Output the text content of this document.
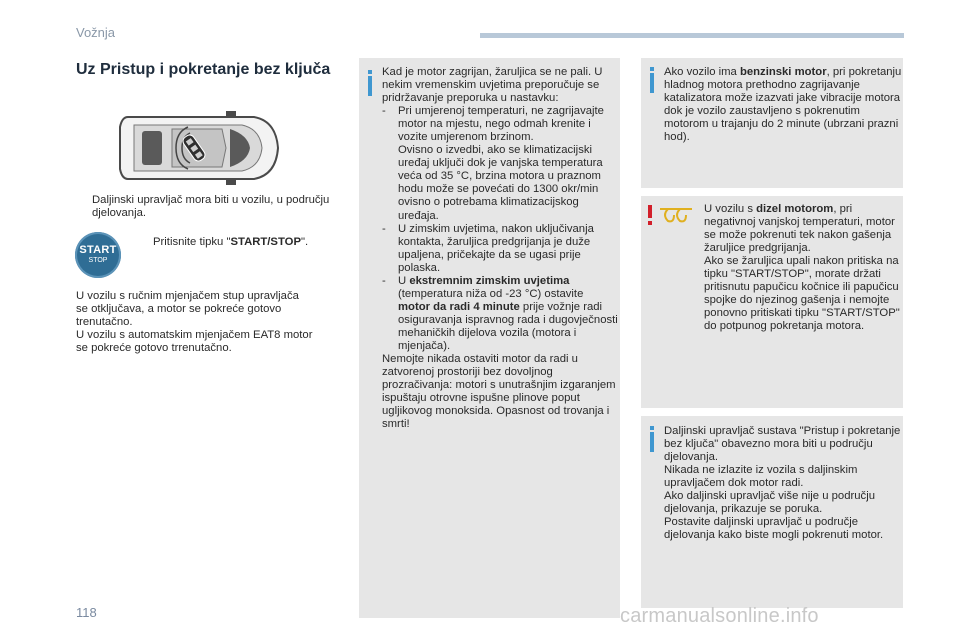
Vožnja
Uz Pristup i pokretanje bez ključa
Daljinski upravljač mora biti u vozilu, u području djelovanja.
START
STOP
Pritisnite tipku "START/STOP".
U vozilu s ručnim mjenjačem stup upravljača
se otključava, a motor se pokreće gotovo
trenutačno.
U vozilu s automatskim mjenjačem EAT8 motor
se pokreće gotovo trrenutačno.
Kad je motor zagrijan, žaruljica se ne pali. U nekim vremenskim uvjetima preporučuje se pridržavanje preporuka u nastavku:
- Pri umjerenoj temperaturi, ne zagrijavajte motor na mjestu, nego odmah krenite i vozite umjerenom brzinom.
Ovisno o izvedbi, ako se klimatizacijski uređaj uključi dok je vanjska temperatura veća od 35 °C, brzina motora u praznom hodu može se povećati do 1300 okr/min ovisno o potrebama klimatizacijskog uređaja.
- U zimskim uvjetima, nakon uključivanja kontakta, žaruljica predgrijanja je duže upaljena, pričekajte da se ugasi prije polaska.
- U ekstremnim zimskim uvjetima (temperatura niža od -23 °C) ostavite motor da radi 4 minute prije vožnje radi osiguravanja ispravnog rada i dugovječnosti mehaničkih dijelova vozila (motora i mjenjača).
Nemojte nikada ostaviti motor da radi u zatvorenoj prostoriji bez dovoljnog prozračivanja: motori s unutrašnjim izgaranjem ispuštaju otrovne ispušne plinove poput ugljikovog monoksida. Opasnost od trovanja i smrti!
Ako vozilo ima benzinski motor, pri pokretanju hladnog motora prethodno zagrijavanje katalizatora može izazvati jake vibracije motora dok je vozilo zaustavljeno s pokrenutim motorom u trajanju do 2 minute (ubrzani prazni hod).
U vozilu s dizel motorom, pri negativnoj vanjskoj temperaturi, motor se može pokrenuti tek nakon gašenja žaruljice predgrijanja.
Ako se žaruljica upali nakon pritiska na tipku "START/STOP", morate držati pritisnutu papučicu kočnice ili papučicu spojke do njezinog gašenja i nemojte ponovno pritiskati tipku "START/STOP" do potpunog pokretanja motora.
Daljinski upravljač sustava "Pristup i pokretanje bez ključa" obavezno mora biti u području djelovanja.
Nikada ne izlazite iz vozila s daljinskim upravljačem dok motor radi.
Ako daljinski upravljač više nije u području djelovanja, prikazuje se poruka.
Postavite daljinski upravljač u područje djelovanja kako biste mogli pokrenuti motor.
118	carmanualsonline.info
